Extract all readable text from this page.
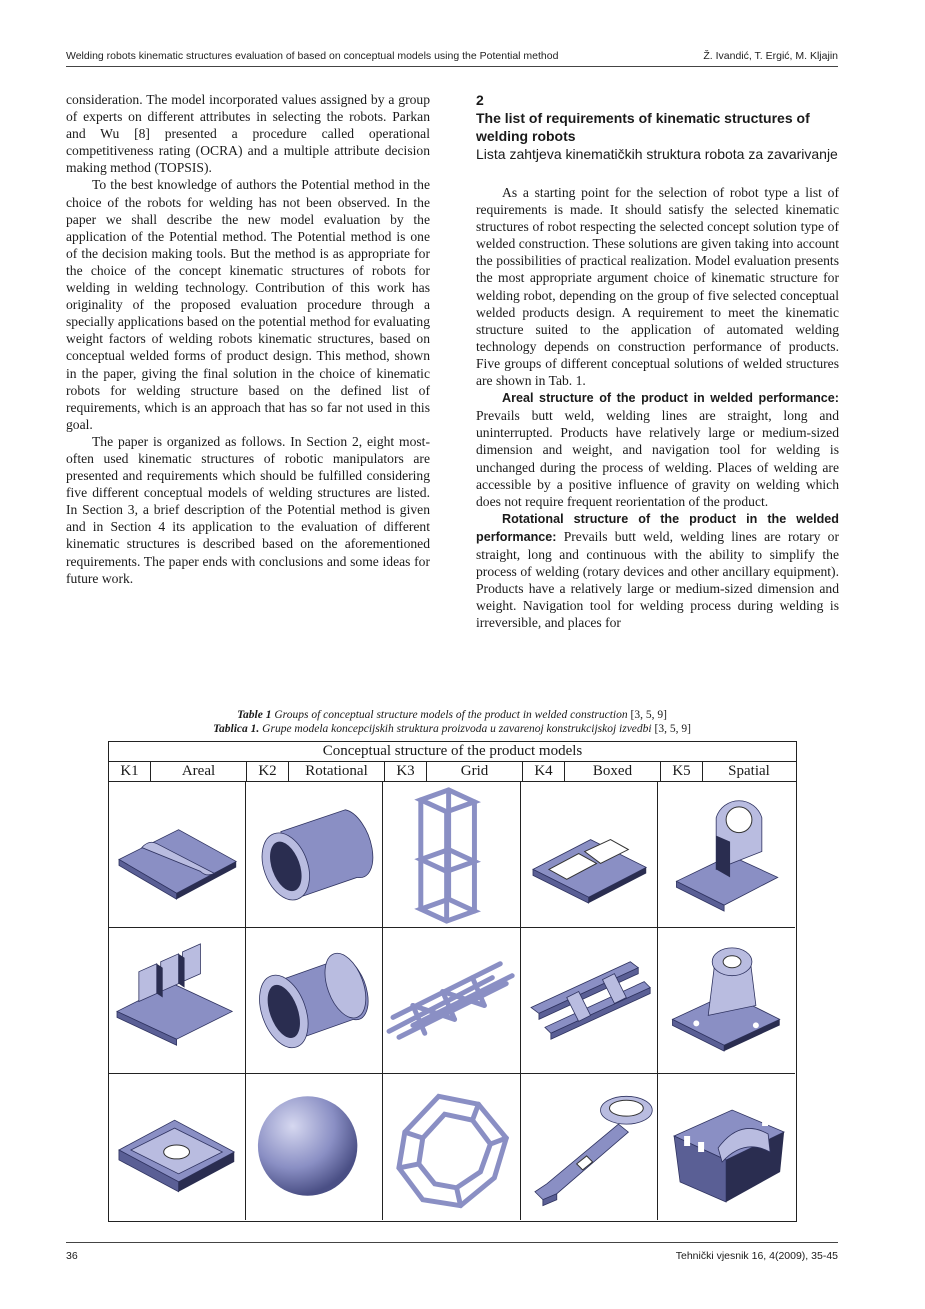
Welding robots kinematic structures evaluation of based on conceptual models using the Potential method	Ž. Ivandić, T. Ergić, M. Kljajin

consideration. The model incorporated values assigned by a group of experts on different attributes in selecting the robots. Parkan and Wu [8] presented a procedure called operational competitiveness rating (OCRA) and a multiple attribute decision making method (TOPSIS).

To the best knowledge of authors the Potential method in the choice of the robots for welding has not been observed. In the paper we shall describe the new model evaluation by the application of the Potential method. The Potential method is one of the decision making tools. But the method is as appropriate for the choice of the concept kinematic structures of robots for welding in welding technology. Contribution of this work has originality of the proposed evaluation procedure through a specially applications based on the potential method for evaluating weight factors of welding robots kinematic structures, based on conceptual welded forms of product design. This method, shown in the paper, giving the final solution in the choice of kinematic robots for welding structure based on the defined list of requirements, which is an approach that has so far not used in this goal.

The paper is organized as follows. In Section 2, eight most-often used kinematic structures of robotic manipulators are presented and requirements which should be fulfilled considering five different conceptual models of welding structures are listed. In Section 3, a brief description of the Potential method is given and in Section 4 its application to the evaluation of different kinematic structures is described based on the aforementioned requirements. The paper ends with conclusions and some ideas for future work.

2
The list of requirements of kinematic structures of welding robots
Lista zahtjeva kinematičkih struktura robota za zavarivanje

As a starting point for the selection of robot type a list of requirements is made. It should satisfy the selected kinematic structures of robot respecting the selected concept solution type of welded construction. These solutions are given taking into account the possibilities of practical realization. Model evaluation presents the most appropriate argument choice of kinematic structure for welding robot, depending on the group of five selected conceptual welded products design. A requirement to meet the kinematic structure suited to the application of automated welding technology depends on construction performance of products. Five groups of different conceptual solutions of welded structures are shown in Tab. 1.

Areal structure of the product in welded performance: Prevails butt weld, welding lines are straight, long and uninterrupted. Products have relatively large or medium-sized dimension and weight, and navigation tool for welding is unchanged during the process of welding. Places of welding are accessible by a positive influence of gravity on welding which does not require frequent reorientation of the product.

Rotational structure of the product in the welded performance: Prevails butt weld, welding lines are rotary or straight, long and continuous with the ability to simplify the process of welding (rotary devices and other ancillary equipment). Products have a relatively large or medium-sized dimension and weight. Navigation tool for welding process during welding is irreversible, and places for

Table 1 Groups of conceptual structure models of the product in welded construction [3, 5, 9]
Tablica 1. Grupe modela koncepcijskih struktura proizvoda u zavarenoj konstrukcijskoj izvedbi [3, 5, 9]
Conceptual structure of the product models
K1	Areal	K2	Rotational	K3	Grid	K4	Boxed	K5	Spatial
36	Tehnički vjesnik 16, 4(2009), 35-45
